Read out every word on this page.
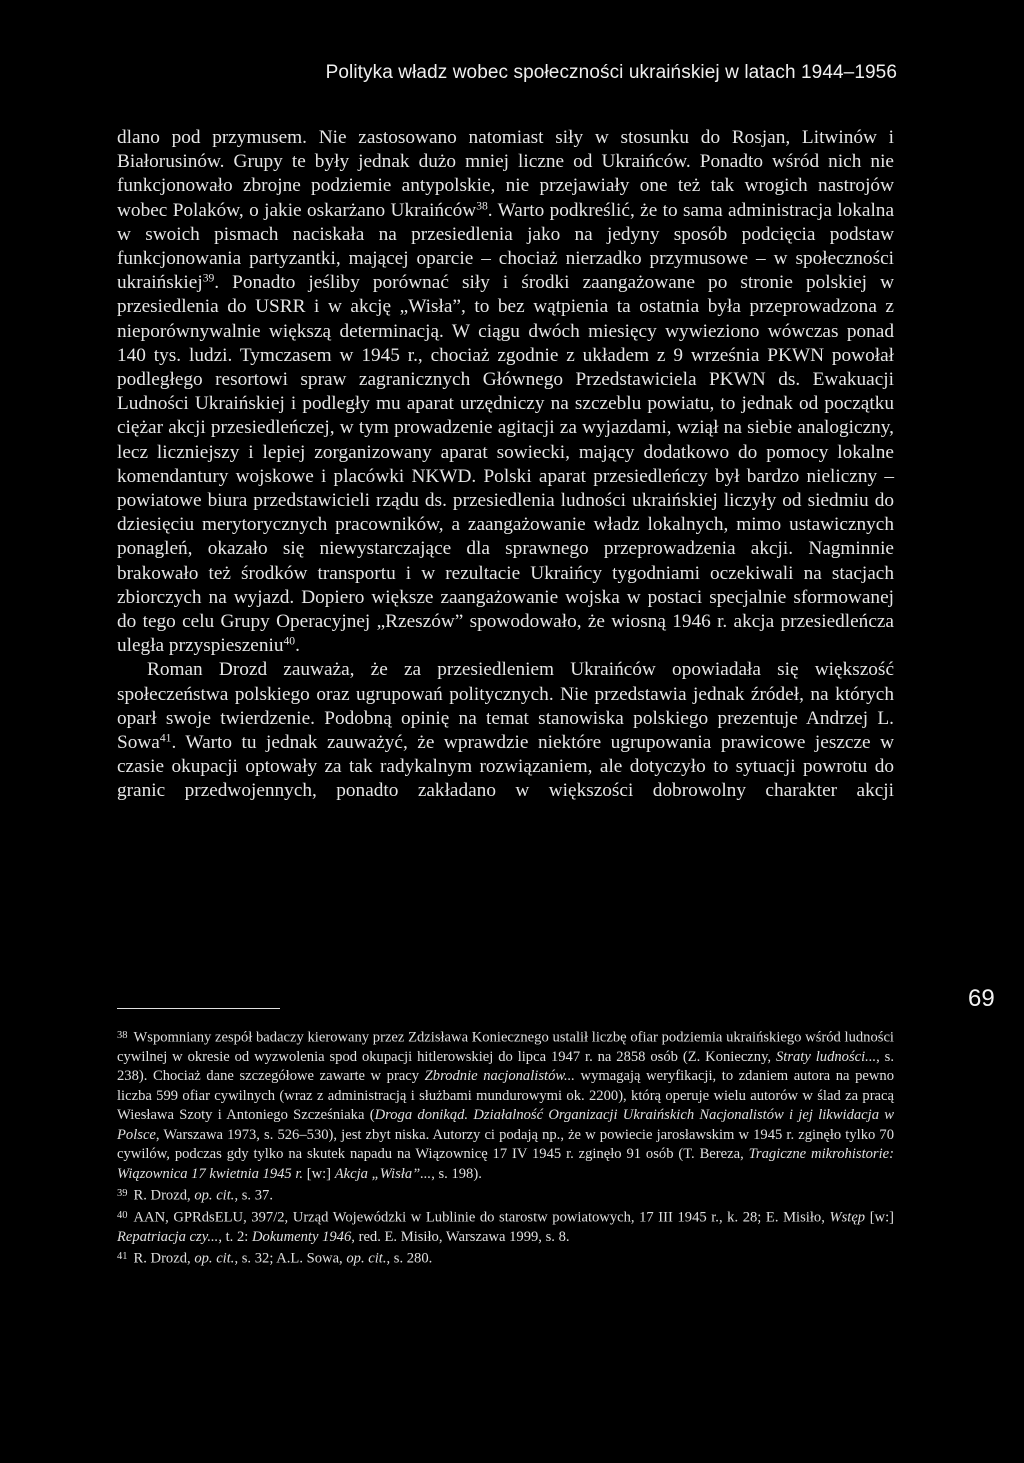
Polityka władz wobec społeczności ukraińskiej w latach 1944–1956

dlano pod przymusem. Nie zastosowano natomiast siły w stosunku do Rosjan, Litwinów i Białorusinów. Grupy te były jednak dużo mniej liczne od Ukraińców. Ponadto wśród nich nie funkcjonowało zbrojne podziemie antypolskie, nie przejawiały one też tak wrogich nastrojów wobec Polaków, o jakie oskarżano Ukraińców$^{38}$. Warto podkreślić, że to sama administracja lokalna w swoich pismach naciskała na przesiedlenia jako na jedyny sposób podcięcia podstaw funkcjonowania partyzantki, mającej oparcie – chociaż nierzadko przymusowe – w społeczności ukraińskiej$^{39}$. Ponadto jeśliby porównać siły i środki zaangażowane po stronie polskiej w przesiedlenia do USRR i w akcję „Wisła”, to bez wątpienia ta ostatnia była przeprowadzona z nieporównywalnie większą determinacją. W ciągu dwóch miesięcy wywieziono wówczas ponad 140 tys. ludzi. Tymczasem w 1945 r., chociaż zgodnie z układem z 9 września PKWN powołał podległego resortowi spraw zagranicznych Głównego Przedstawiciela PKWN ds. Ewakuacji Ludności Ukraińskiej i podległy mu aparat urzędniczy na szczeblu powiatu, to jednak od początku ciężar akcji przesiedleńczej, w tym prowadzenie agitacji za wyjazdami, wziął na siebie analogiczny, lecz liczniejszy i lepiej zorganizowany aparat sowiecki, mający dodatkowo do pomocy lokalne komendantury wojskowe i placówki NKWD. Polski aparat przesiedleńczy był bardzo nieliczny – powiatowe biura przedstawicieli rządu ds. przesiedlenia ludności ukraińskiej liczyły od siedmiu do dziesięciu merytorycznych pracowników, a zaangażowanie władz lokalnych, mimo ustawicznych ponagleń, okazało się niewystarczające dla sprawnego przeprowadzenia akcji. Nagminnie brakowało też środków transportu i w rezultacie Ukraińcy tygodniami oczekiwali na stacjach zbiorczych na wyjazd. Dopiero większe zaangażowanie wojska w postaci specjalnie sformowanej do tego celu Grupy Operacyjnej „Rzeszów” spowodowało, że wiosną 1946 r. akcja przesiedleńcza uległa przyspieszeniu$^{40}$.

Roman Drozd zauważa, że za przesiedleniem Ukraińców opowiadała się większość społeczeństwa polskiego oraz ugrupowań politycznych. Nie przedstawia jednak źródeł, na których oparł swoje twierdzenie. Podobną opinię na temat stanowiska polskiego prezentuje Andrzej L. Sowa$^{41}$. Warto tu jednak zauważyć, że wprawdzie niektóre ugrupowania prawicowe jeszcze w czasie okupacji optowały za tak radykalnym rozwiązaniem, ale dotyczyło to sytuacji powrotu do granic przedwojennych, ponadto zakładano w większości dobrowolny charakter akcji

69

$^{38}$ Wspomniany zespół badaczy kierowany przez Zdzisława Koniecznego ustalił liczbę ofiar podziemia ukraińskiego wśród ludności cywilnej w okresie od wyzwolenia spod okupacji hitlerowskiej do lipca 1947 r. na 2858 osób (Z. Konieczny, Straty ludności..., s. 238). Chociaż dane szczegółowe zawarte w pracy Zbrodnie nacjonalistów... wymagają weryfikacji, to zdaniem autora na pewno liczba 599 ofiar cywilnych (wraz z administracją i służbami mundurowymi ok. 2200), którą operuje wielu autorów w ślad za pracą Wiesława Szoty i Antoniego Szcześniaka (Droga donikąd. Działalność Organizacji Ukraińskich Nacjonalistów i jej likwidacja w Polsce, Warszawa 1973, s. 526–530), jest zbyt niska. Autorzy ci podają np., że w powiecie jarosławskim w 1945 r. zginęło tylko 70 cywilów, podczas gdy tylko na skutek napadu na Wiązownicę 17 IV 1945 r. zginęło 91 osób (T. Bereza, Tragiczne mikrohistorie: Wiązownica 17 kwietnia 1945 r. [w:] Akcja „Wisła”..., s. 198).

$^{39}$ R. Drozd, op. cit., s. 37.

$^{40}$ AAN, GPRdsELU, 397/2, Urząd Wojewódzki w Lublinie do starostw powiatowych, 17 III 1945 r., k. 28; E. Misiło, Wstęp [w:] Repatriacja czy..., t. 2: Dokumenty 1946, red. E. Misiło, Warszawa 1999, s. 8.

$^{41}$ R. Drozd, op. cit., s. 32; A.L. Sowa, op. cit., s. 280.
